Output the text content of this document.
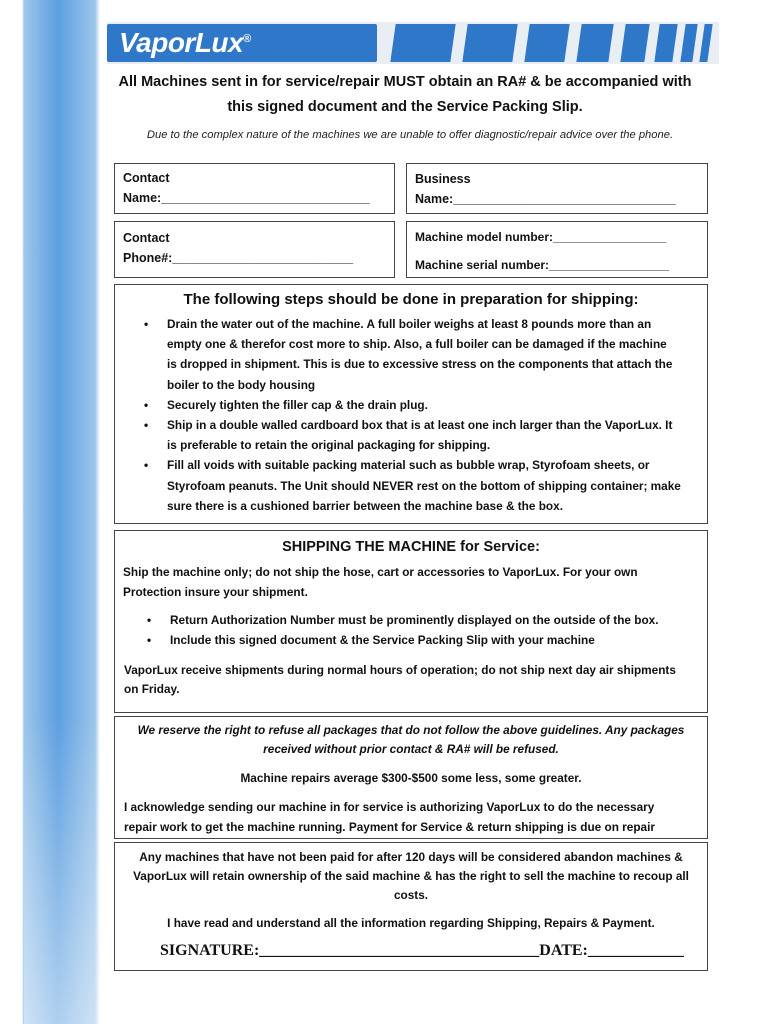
VaporLux®
All Machines sent in for service/repair MUST obtain an RA# & be accompanied with
this signed document and the Service Packing Slip.
Due to the complex nature of the machines we are unable to offer diagnostic/repair advice over the phone.
Contact
Name:______________________________
Business
Name:________________________________
Contact
Phone#:__________________________
Machine model number:_________________
Machine serial number:__________________
The following steps should be done in preparation for shipping:
• Drain the water out of the machine. A full boiler weighs at least 8 pounds more than an
empty one & therefor cost more to ship. Also, a full boiler can be damaged if the machine
is dropped in shipment. This is due to excessive stress on the components that attach the
boiler to the body housing
• Securely tighten the filler cap & the drain plug.
• Ship in a double walled cardboard box that is at least one inch larger than the VaporLux. It
is preferable to retain the original packaging for shipping.
• Fill all voids with suitable packing material such as bubble wrap, Styrofoam sheets, or
Styrofoam peanuts. The Unit should NEVER rest on the bottom of shipping container; make
sure there is a cushioned barrier between the machine base & the box.
SHIPPING THE MACHINE for Service:
Ship the machine only; do not ship the hose, cart or accessories to VaporLux. For your own
Protection insure your shipment.
• Return Authorization Number must be prominently displayed on the outside of the box.
• Include this signed document & the Service Packing Slip with your machine
VaporLux receive shipments during normal hours of operation; do not ship next day air shipments
on Friday.
We reserve the right to refuse all packages that do not follow the above guidelines. Any packages
received without prior contact & RA# will be refused.
Machine repairs average $300-$500 some less, some greater.
I acknowledge sending our machine in for service is authorizing VaporLux to do the necessary
repair work to get the machine running. Payment for Service & return shipping is due on repair
Any machines that have not been paid for after 120 days will be considered abandon machines &
VaporLux will retain ownership of the said machine & has the right to sell the machine to recoup all
costs.
I have read and understand all the information regarding Shipping, Repairs & Payment.
SIGNATURE:___________________________________DATE:____________
